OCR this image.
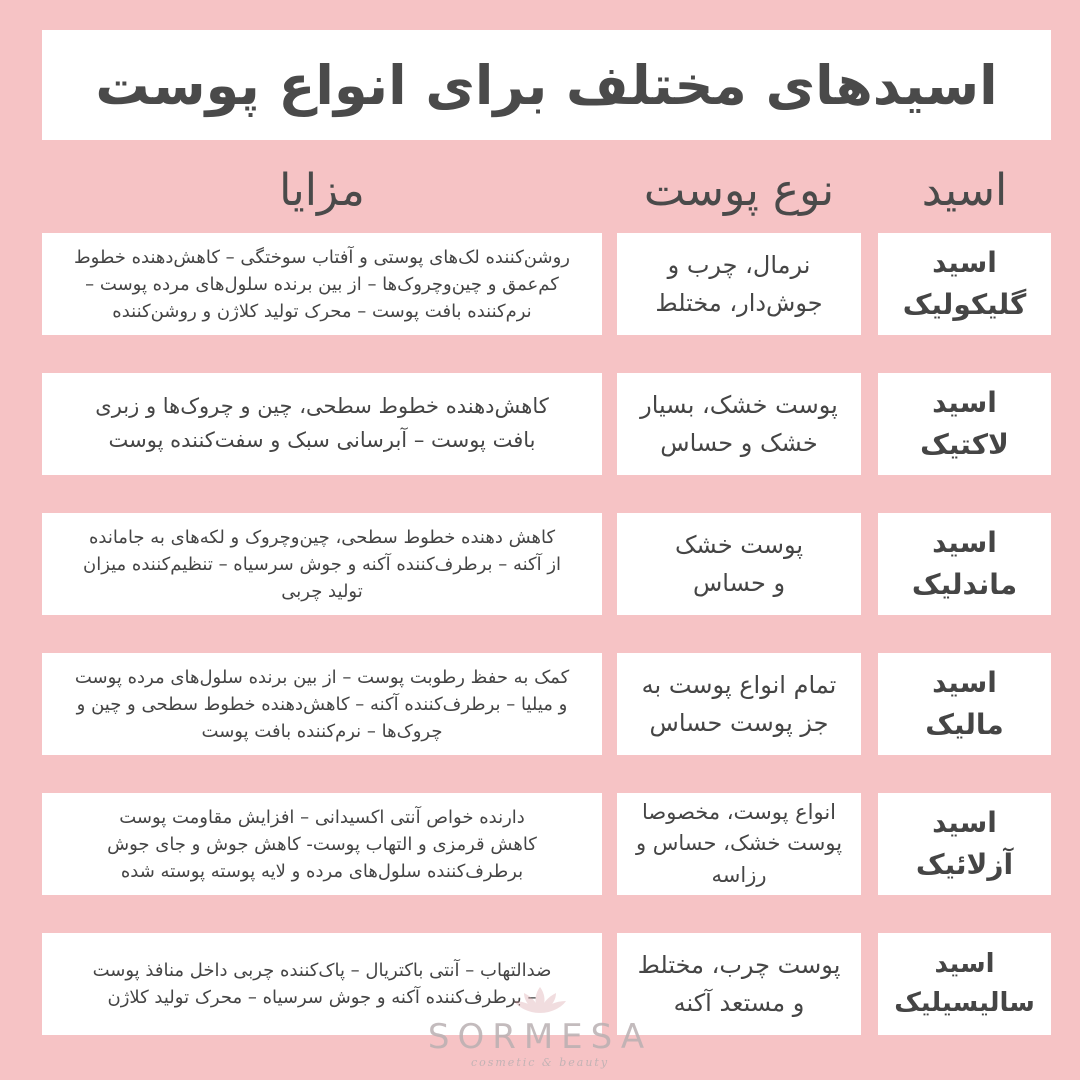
اسیدهای مختلف برای انواع پوست
اسید
نوع پوست
مزایا
اسید
گلیکولیک
نرمال، چرب و
جوش‌دار، مختلط
روشن‌کننده لک‌های پوستی و آفتاب سوختگی – کاهش‌دهنده خطوط
کم‌عمق و چین‌وچروک‌ها – از بین برنده سلول‌های مرده پوست –
نرم‌کننده بافت پوست – محرک تولید کلاژن و روشن‌کننده
اسید
لاکتیک
پوست خشک، بسیار
خشک و حساس
کاهش‌دهنده خطوط سطحی، چین و چروک‌ها و زبری
بافت پوست – آبرسانی سبک و سفت‌کننده پوست
اسید
ماندلیک
پوست خشک
و حساس
کاهش دهنده خطوط سطحی، چین‌وچروک و لکه‌های به جامانده
از آکنه – برطرف‌کننده آکنه و جوش سرسیاه – تنظیم‌کننده میزان
تولید چربی
اسید
مالیک
تمام انواع پوست به
جز پوست حساس
کمک به حفظ رطوبت پوست – از بین برنده سلول‌های مرده پوست
و میلیا – برطرف‌کننده آکنه – کاهش‌دهنده خطوط سطحی و چین و
چروک‌ها – نرم‌کننده بافت پوست
اسید
آزلائیک
انواع پوست، مخصوصا
پوست خشک، حساس و
رزاسه
دارنده خواص آنتی اکسیدانی – افزایش مقاومت پوست
کاهش قرمزی و التهاب پوست- کاهش جوش و جای جوش
برطرف‌کننده سلول‌های مرده و لایه پوسته پوسته شده
اسید
سالیسیلیک
پوست چرب، مختلط
و مستعد آکنه
ضدالتهاب – آنتی باکتریال – پاک‌کننده چربی داخل منافذ پوست
– برطرف‌کننده آکنه و جوش سرسیاه – محرک تولید کلاژن
SORMESA
cosmetic & beauty
